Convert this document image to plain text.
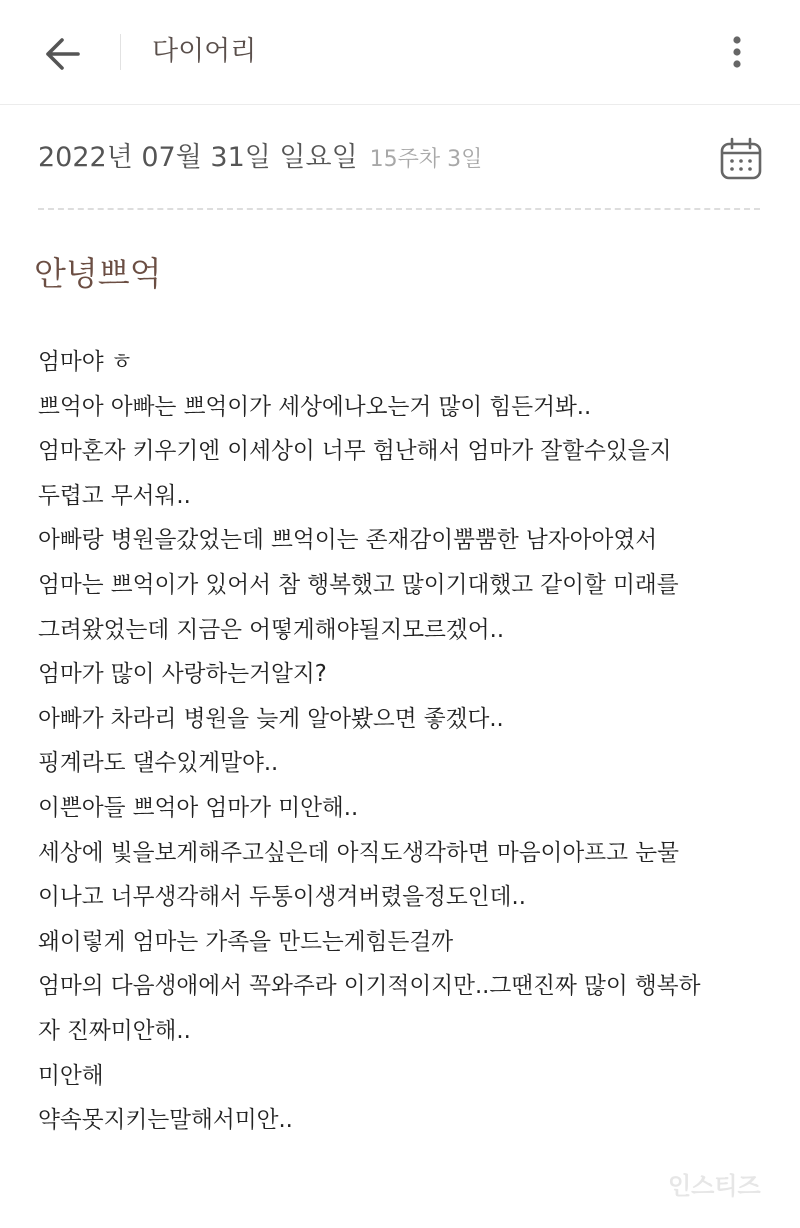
다이어리
2022년 07월 31일 일요일 15주차 3일
안녕쁘억
엄마야 ㅎ
쁘억아 아빠는 쁘억이가 세상에나오는거 많이 힘든거봐..
엄마혼자 키우기엔 이세상이 너무 험난해서 엄마가 잘할수있을지
두렵고 무서워..
아빠랑 병원을갔었는데 쁘억이는 존재감이뿜뿜한 남자아아였서
엄마는 쁘억이가 있어서 참 행복했고 많이기대했고 같이할 미래를
그려왔었는데 지금은 어떻게해야될지모르겠어..
엄마가 많이 사랑하는거알지?
아빠가 차라리 병원을 늦게 알아봤으면 좋겠다..
핑계라도 댈수있게말야..
이쁜아들 쁘억아 엄마가 미안해..
세상에 빛을보게해주고싶은데 아직도생각하면 마음이아프고 눈물
이나고 너무생각해서 두통이생겨버렸을정도인데..
왜이렇게 엄마는 가족을 만드는게힘든걸까
엄마의 다음생애에서 꼭와주라 이기적이지만..그땐진짜 많이 행복하
자 진짜미안해..
미안해
약속못지키는말해서미안..
인스티즈
